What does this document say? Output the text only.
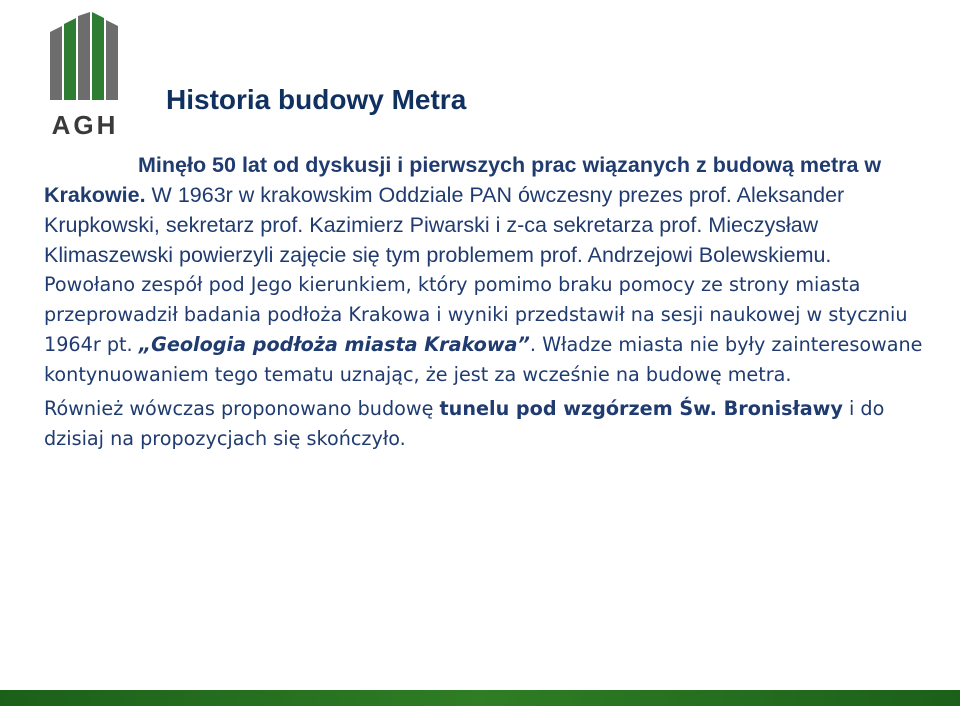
AGH
Historia budowy Metra

Minęło 50 lat od dyskusji i pierwszych prac wiązanych z budową metra w Krakowie. W 1963r w krakowskim Oddziale PAN ówczesny prezes prof. Aleksander Krupkowski, sekretarz prof. Kazimierz Piwarski i z-ca sekretarza prof. Mieczysław Klimaszewski powierzyli zajęcie się tym problemem prof. Andrzejowi Bolewskiemu.

Powołano zespół pod Jego kierunkiem, który pomimo braku pomocy ze strony miasta przeprowadził badania podłoża Krakowa i wyniki przedstawił na sesji naukowej w styczniu 1964r pt. „Geologia podłoża miasta Krakowa”. Władze miasta nie były zainteresowane kontynuowaniem tego tematu uznając, że jest za wcześnie na budowę metra.

Również wówczas proponowano budowę tunelu pod wzgórzem Św. Bronisławy i do dzisiaj na propozycjach się skończyło.
